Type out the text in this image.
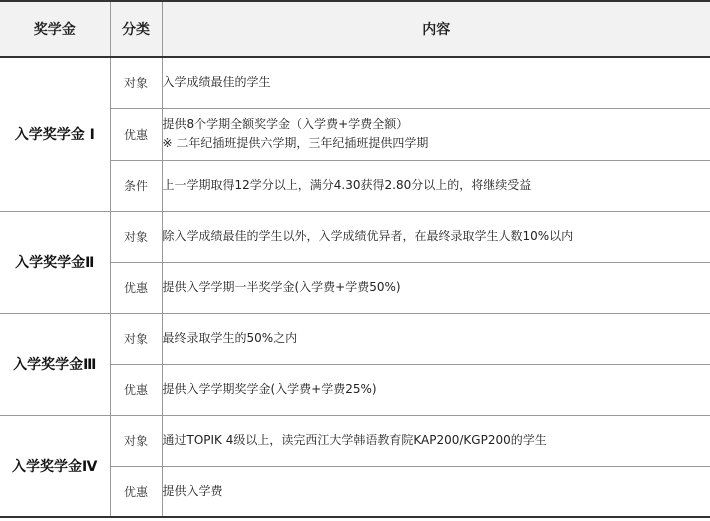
奖学金	分类	内容
入学奖学金 I	对象	入学成绩最佳的学生

	优惠	提供8个学期全额奖学金（入学费+学费全额）
※ 二年纪插班提供六学期，三年纪插班提供四学期

	条件	上一学期取得12学分以上，满分4.30获得2.80分以上的，将继续受益

入学奖学金Ⅱ	对象	除入学成绩最佳的学生以外，入学成绩优异者，在最终录取学生人数10%以内

	优惠	提供入学学期一半奖学金(入学费+学费50%)

入学奖学金Ⅲ	对象	最终录取学生的50%之内

	优惠	提供入学学期奖学金(入学费+学费25%)

入学奖学金Ⅳ	对象	通过TOPIK 4级以上，读完西江大学韩语教育院KAP200/KGP200的学生

	优惠	提供入学费
